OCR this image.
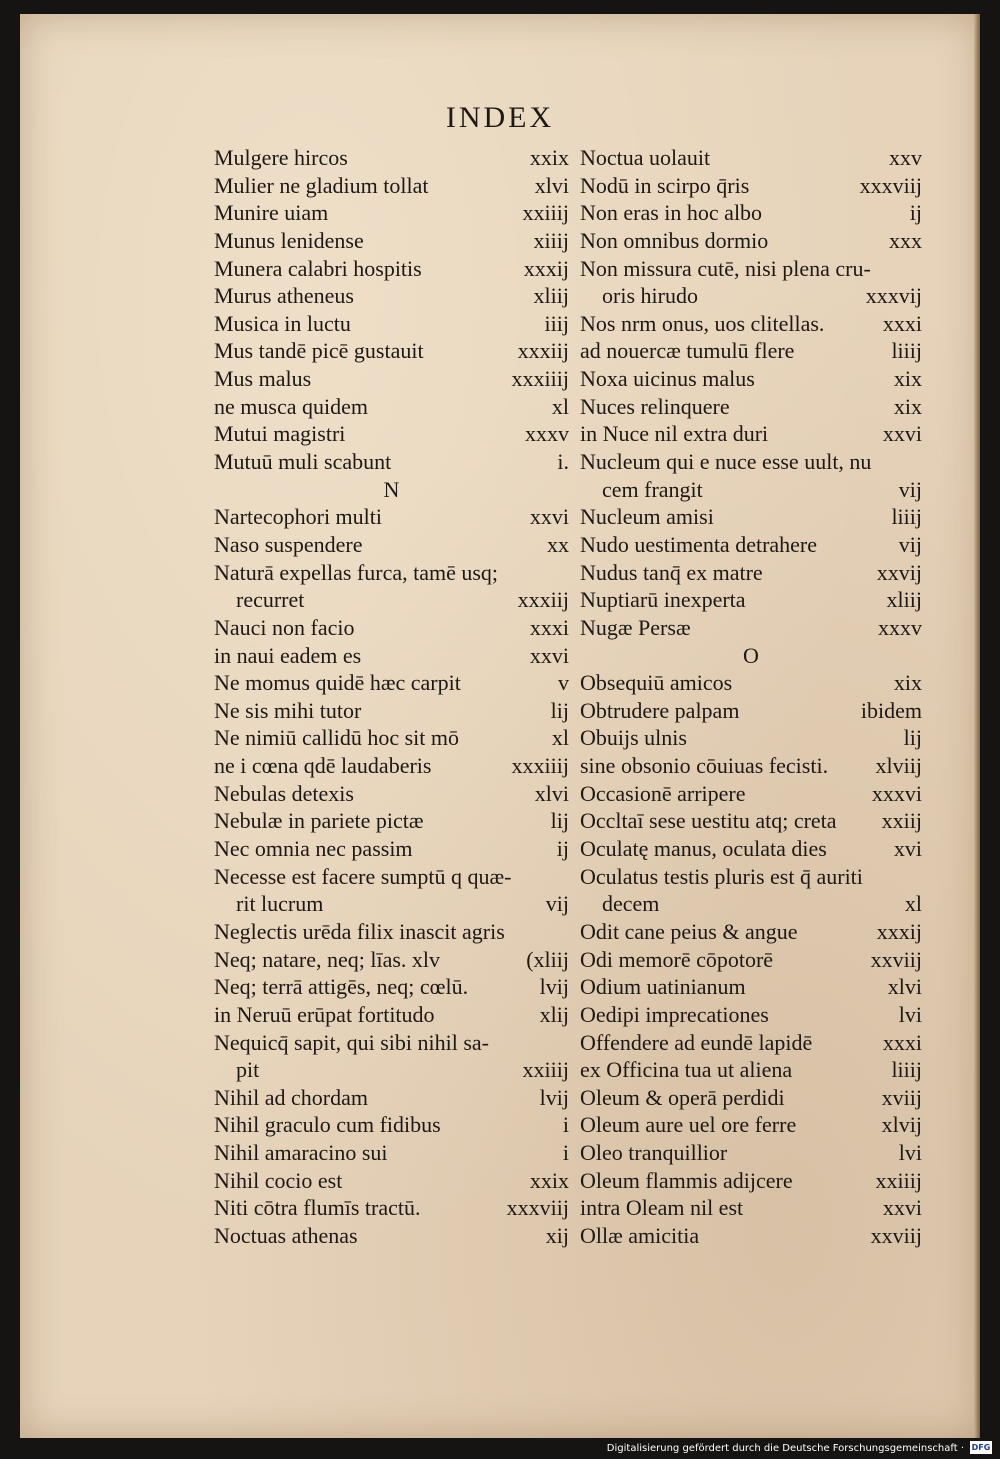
INDEX
Mulgere hircos	xxix
Mulier ne gladium tollat	xlvi
Munire uiam	xxiiij
Munus lenidense	xiiij
Munera calabri hospitis	xxxij
Murus atheneus	xliij
Musica in luctu	iiij
Mus tandē picē gustauit	xxxiij
Mus malus	xxxiiij
ne musca quidem	xl
Mutui magistri	xxxv
Mutuū muli scabunt	i.
N
Nartecophori multi	xxvi
Naso suspendere	xx
Naturā expellas furca, tamē usq;
recurret	xxxiij
Nauci non facio	xxxi
in naui eadem es	xxvi
Ne momus quidē hæc carpit	v
Ne sis mihi tutor	lij
Ne nimiū callidū hoc sit mō	xl
ne i cœna qdē laudaberis	xxxiiij
Nebulas detexis	xlvi
Nebulæ in pariete pictæ	lij
Nec omnia nec passim	ij
Necesse est facere sumptū q quæ-
rit lucrum	vij
Neglectis urēda filix inascit agris
Neq; natare, neq; līas. xlv	(xliij
Neq; terrā attigēs, neq; cœlū.	lvij
in Neruū erūpat fortitudo	xlij
Nequicq̄ sapit, qui sibi nihil sa-
pit	xxiiij
Nihil ad chordam	lvij
Nihil graculo cum fidibus	i
Nihil amaracino sui	i
Nihil cocio est	xxix
Niti cōtra flumīs tractū.	xxxviij
Noctuas athenas	xij
Noctua uolauit	xxv
Nodū in scirpo q̄ris	xxxviij
Non eras in hoc albo	ij
Non omnibus dormio	xxx
Non missura cutē, nisi plena cru-
oris hirudo	xxxvij
Nos nrm onus, uos clitellas.	xxxi
ad nouercæ tumulū flere	liiij
Noxa uicinus malus	xix
Nuces relinquere	xix
in Nuce nil extra duri	xxvi
Nucleum qui e nuce esse uult, nu
cem frangit	vij
Nucleum amisi	liiij
Nudo uestimenta detrahere	vij
Nudus tanq̄ ex matre	xxvij
Nuptiarū inexperta	xliij
Nugæ Persæ	xxxv
O
Obsequiū amicos	xix
Obtrudere palpam	ibidem
Obuijs ulnis	lij
sine obsonio cōuiuas fecisti. xlviij
Occasionē arripere	xxxvi
Occltaī sese uestitu atq; creta xxiij
Oculatę manus, oculata dies	xvi
Oculatus testis pluris est q̄ auriti
decem	xl
Odit cane peius & angue	xxxij
Odi memorē cōpotorē	xxviij
Odium uatinianum	xlvi
Oedipi imprecationes	lvi
Offendere ad eundē lapidē	xxxi
ex Officina tua ut aliena	liiij
Oleum & operā perdidi	xviij
Oleum aure uel ore ferre	xlvij
Oleo tranquillior	lvi
Oleum flammis adijcere	xxiiij
intra Oleam nil est	xxvi
Ollæ amicitia	xxviij
Digitalisierung gefördert durch die Deutsche Forschungsgemeinschaft · DFG
